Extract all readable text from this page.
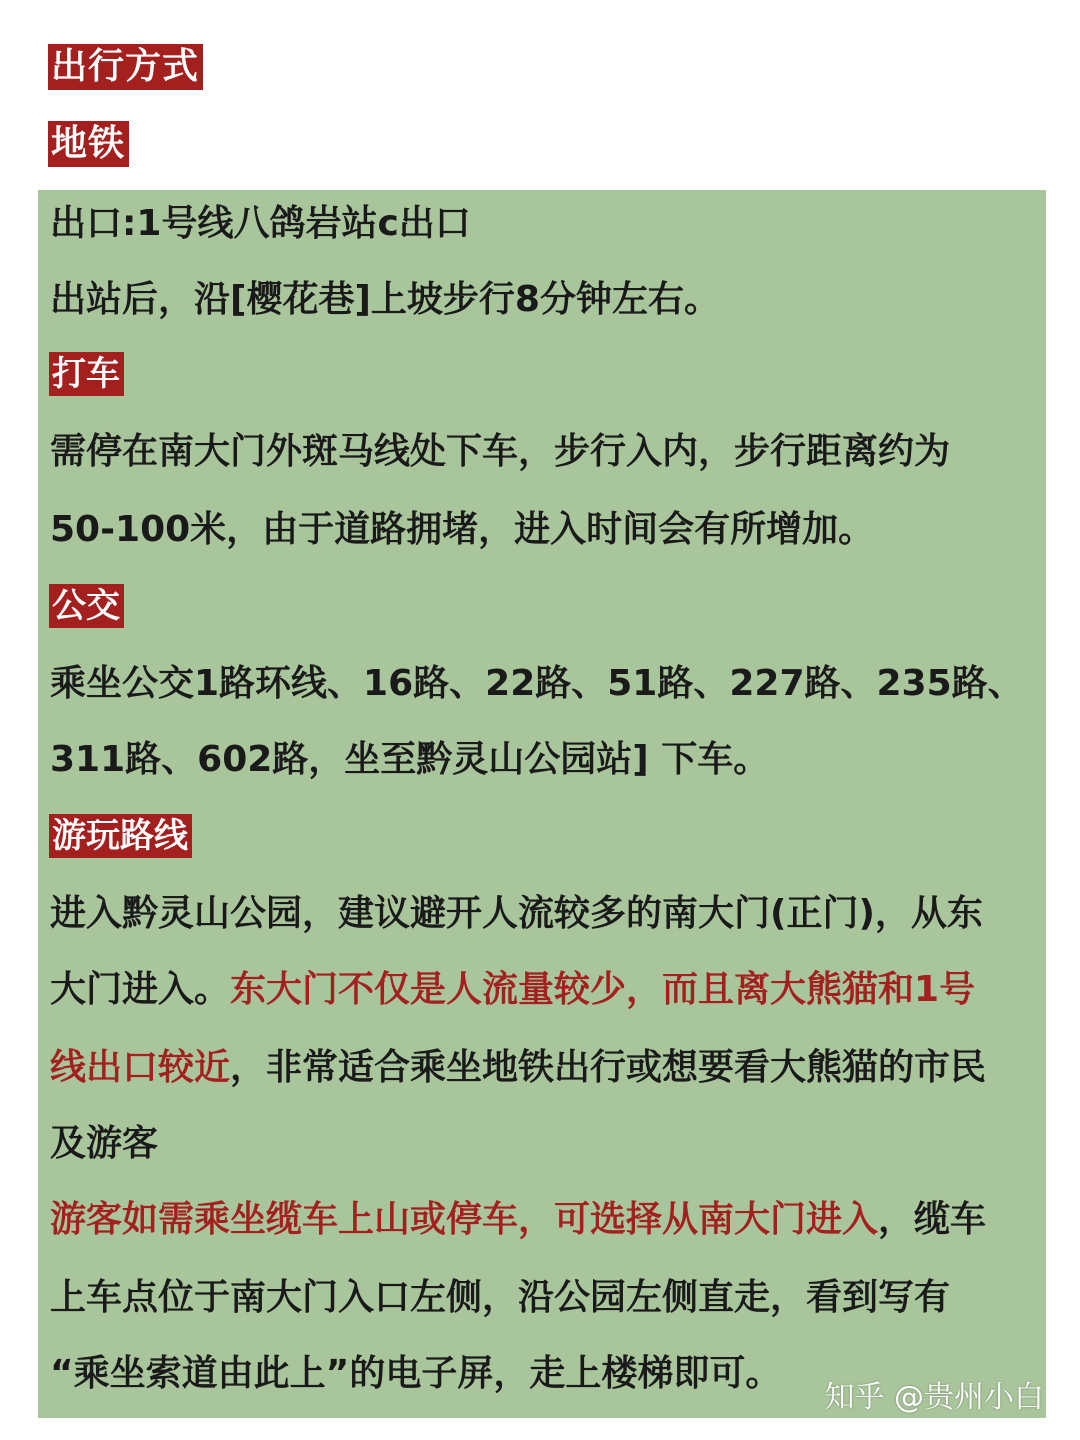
出行方式
地铁
出口:1号线八鸽岩站c出口
出站后，沿[樱花巷]上坡步行8分钟左右。
打车
需停在南大门外斑马线处下车，步行入内，步行距离约为
50-100米，由于道路拥堵，进入时间会有所增加。
公交
乘坐公交1路环线、16路、22路、51路、227路、235路、
311路、602路，坐至黔灵山公园站] 下车。
游玩路线
进入黔灵山公园，建议避开人流较多的南大门(正门)，从东
大门进入。东大门不仅是人流量较少，而且离大熊猫和1号
线出口较近，非常适合乘坐地铁出行或想要看大熊猫的市民
及游客
游客如需乘坐缆车上山或停车，可选择从南大门进入，缆车
上车点位于南大门入口左侧，沿公园左侧直走，看到写有
“乘坐索道由此上”的电子屏，走上楼梯即可。
知乎 @贵州小白
